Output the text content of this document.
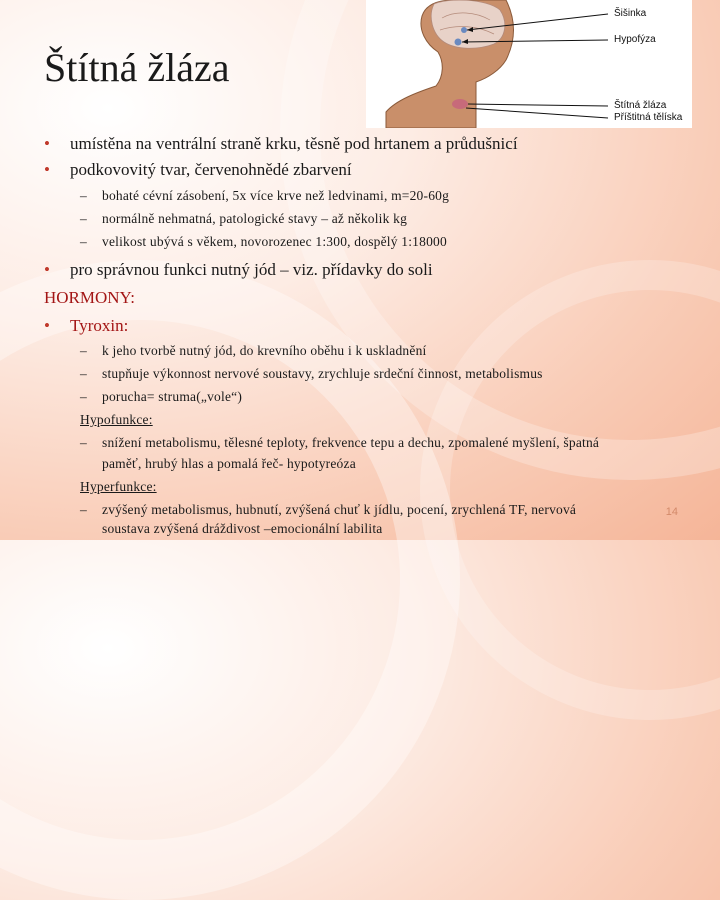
Štítná žláza
Šišinka
Hypofýza
Štítná žláza
Příštitná tělíska
• umístěna na ventrální straně krku, těsně pod hrtanem a průdušnicí
• podkovovitý tvar, červenohnědé zbarvení
– bohaté cévní zásobení, 5x více krve než ledvinami, m=20-60g
– normálně nehmatná, patologické stavy – až několik kg
– velikost ubývá s věkem, novorozenec 1:300, dospělý 1:18000
• pro správnou funkci nutný jód – viz. přídavky do soli
HORMONY:
• Tyroxin:
– k jeho tvorbě nutný jód, do krevního oběhu i k uskladnění
– stupňuje výkonnost nervové soustavy, zrychluje srdeční činnost, metabolismus
– porucha= struma(„vole“)
Hypofunkce:
– snížení metabolismu, tělesné teploty, frekvence tepu a dechu, zpomalené myšlení, špatná
paměť, hrubý hlas a pomalá řeč- hypotyreóza
Hyperfunkce:
– zvýšený metabolismus, hubnutí, zvýšená chuť k jídlu, pocení, zrychlená TF, nervová
soustava zvýšená dráždivost –emocionální labilita
14
